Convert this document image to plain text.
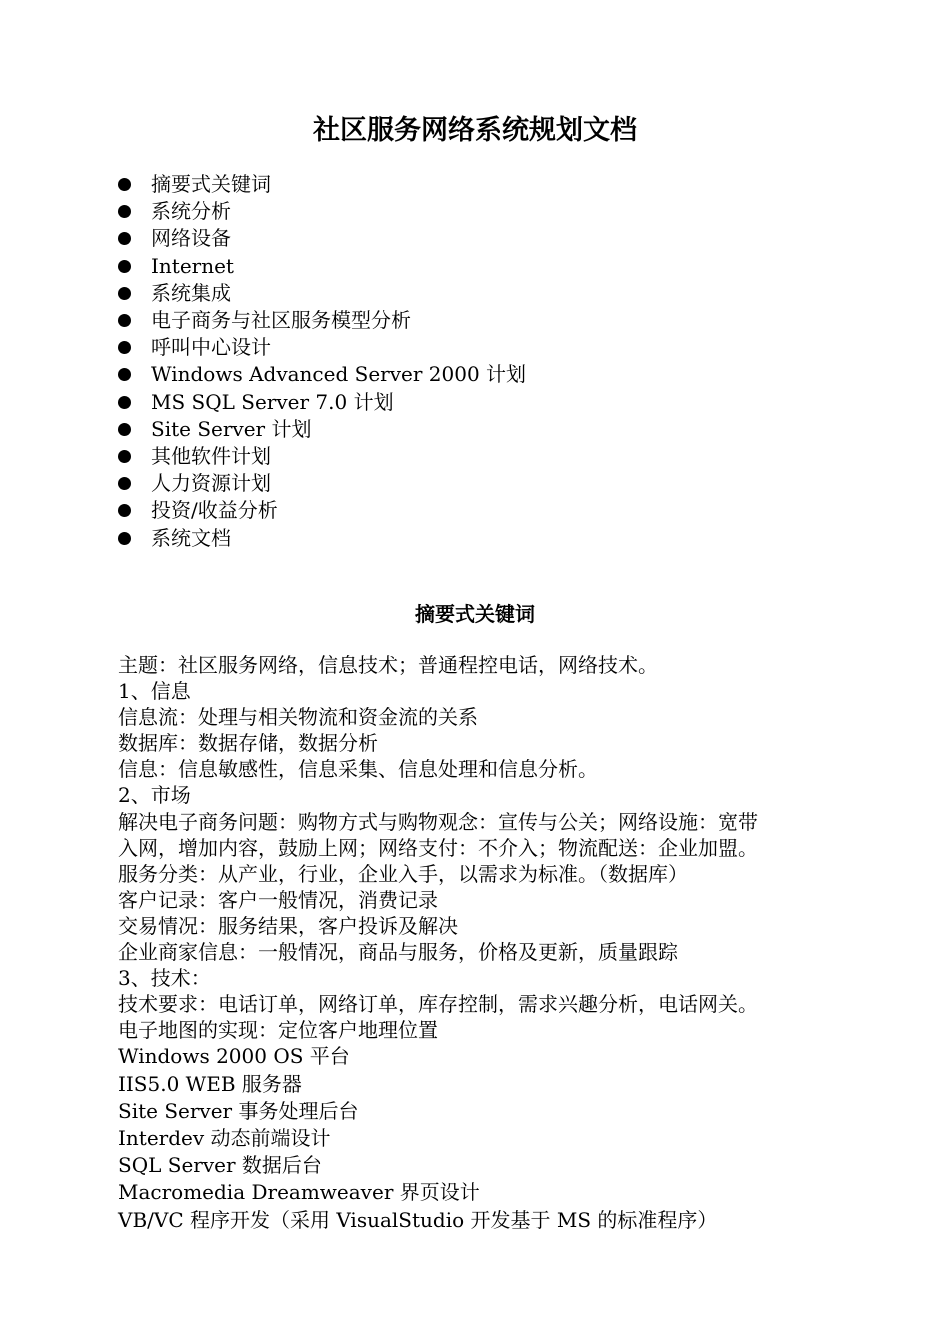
社区服务网络系统规划文档
摘要式关键词
系统分析
网络设备
Internet
系统集成
电子商务与社区服务模型分析
呼叫中心设计
Windows Advanced Server 2000 计划
MS SQL Server 7.0 计划
Site Server 计划
其他软件计划
人力资源计划
投资/收益分析
系统文档
摘要式关键词
主题：社区服务网络，信息技术；普通程控电话，网络技术。
1、信息
信息流：处理与相关物流和资金流的关系
数据库：数据存储，数据分析
信息：信息敏感性，信息采集、信息处理和信息分析。
2、市场
解决电子商务问题：购物方式与购物观念：宣传与公关；网络设施：宽带
入网，增加内容，鼓励上网；网络支付：不介入；物流配送：企业加盟。
服务分类：从产业，行业，企业入手，以需求为标准。（数据库）
客户记录：客户一般情况，消费记录
交易情况：服务结果，客户投诉及解决
企业商家信息：一般情况，商品与服务，价格及更新，质量跟踪
3、技术：
技术要求：电话订单，网络订单，库存控制，需求兴趣分析，电话网关。
电子地图的实现：定位客户地理位置
Windows 2000 OS 平台
IIS5.0 WEB 服务器
Site Server 事务处理后台
Interdev 动态前端设计
SQL Server 数据后台
Macromedia Dreamweaver 界页设计
VB/VC 程序开发（采用 VisualStudio 开发基于 MS 的标准程序）
